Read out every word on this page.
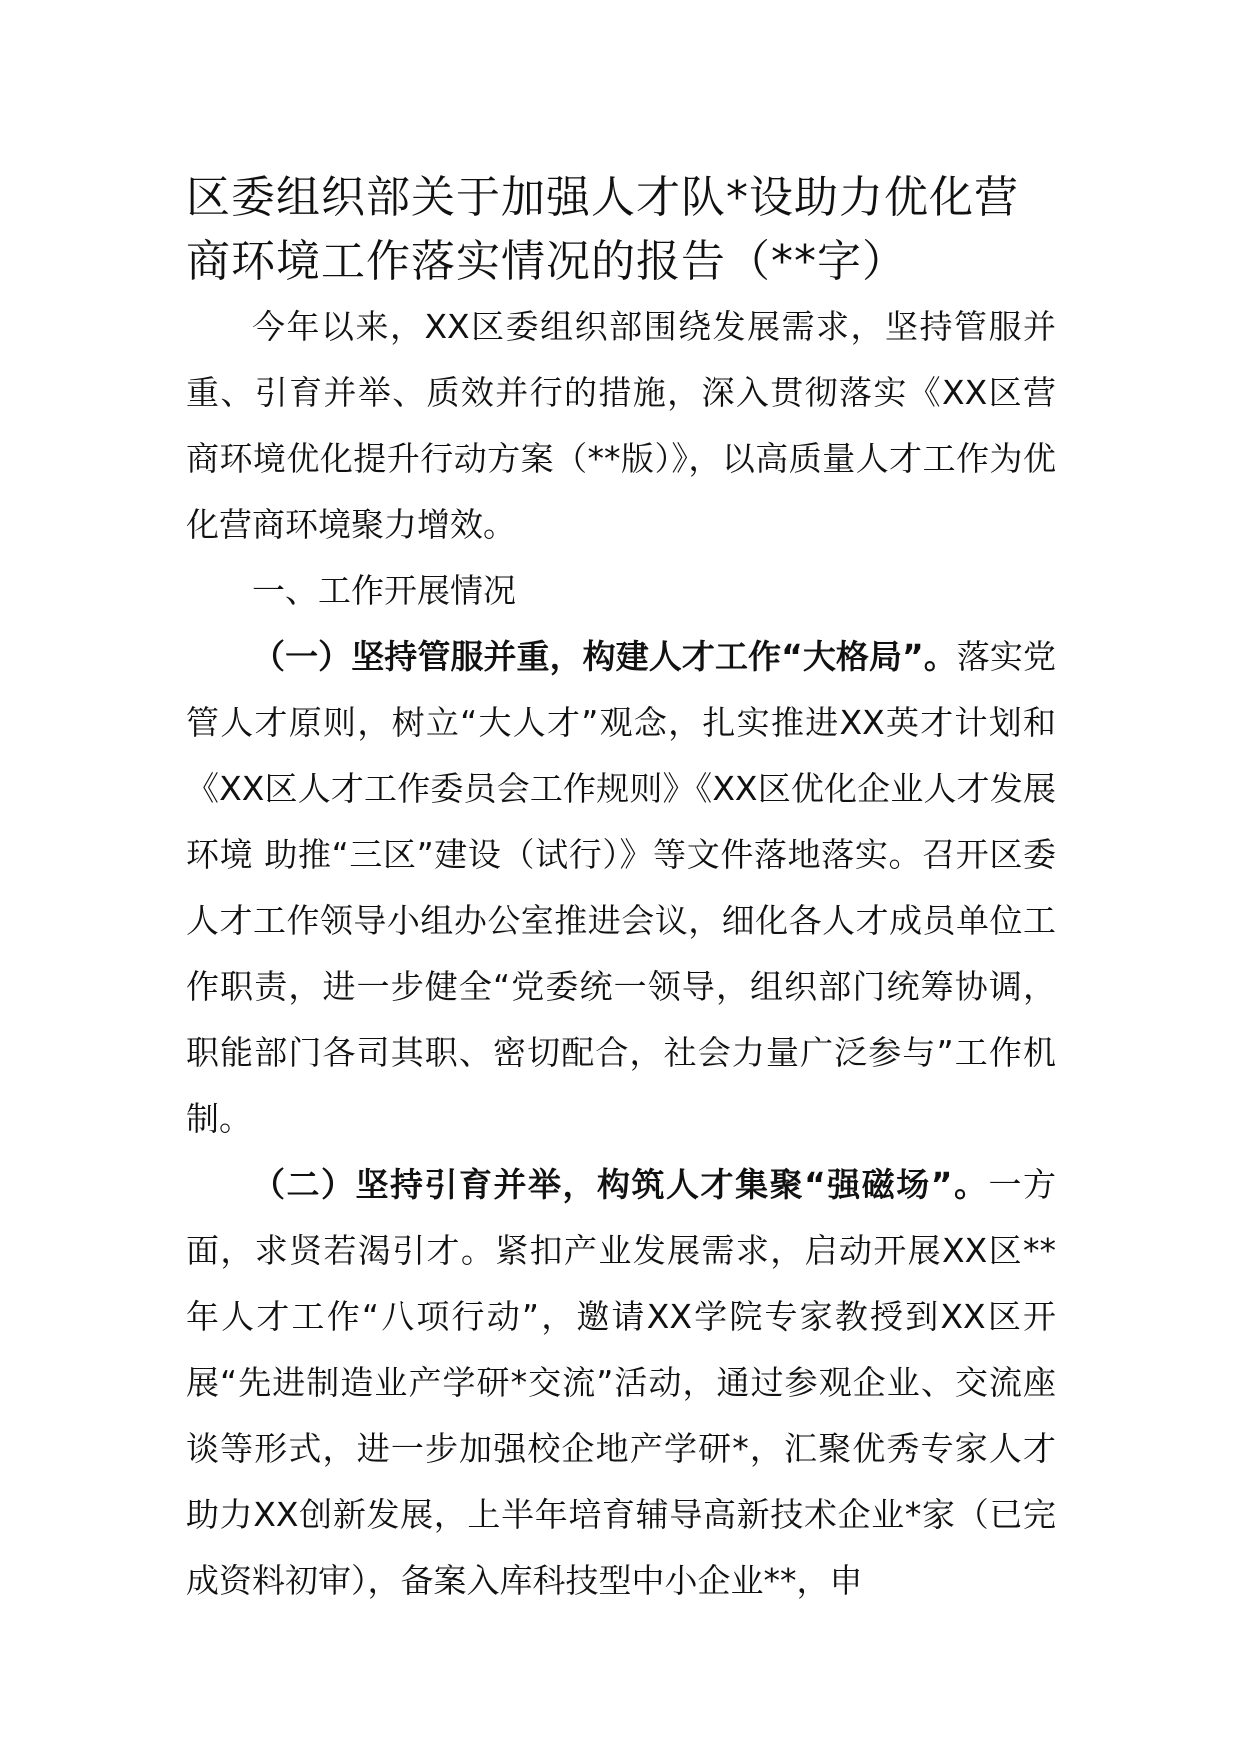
区委组织部关于加强人才队*设助力优化营商环境工作落实情况的报告（**字）

今年以来，XX区委组织部围绕发展需求，坚持管服并重、引育并举、质效并行的措施，深入贯彻落实《XX区营商环境优化提升行动方案（**版）》，以高质量人才工作为优化营商环境聚力增效。

一、工作开展情况

（一）坚持管服并重，构建人才工作“大格局”。落实党管人才原则，树立“大人才”观念，扎实推进XX英才计划和《XX区人才工作委员会工作规则》《XX区优化企业人才发展环境 助推“三区”建设（试行）》等文件落地落实。召开区委人才工作领导小组办公室推进会议，细化各人才成员单位工作职责，进一步健全“党委统一领导，组织部门统筹协调，职能部门各司其职、密切配合，社会力量广泛参与”工作机制。

（二）坚持引育并举，构筑人才集聚“强磁场”。一方面，求贤若渴引才。紧扣产业发展需求，启动开展XX区**年人才工作“八项行动”，邀请XX学院专家教授到XX区开展“先进制造业产学研*交流”活动，通过参观企业、交流座谈等形式，进一步加强校企地产学研*，汇聚优秀专家人才助力XX创新发展，上半年培育辅导高新技术企业*家（已完成资料初审），备案入库科技型中小企业**，申
